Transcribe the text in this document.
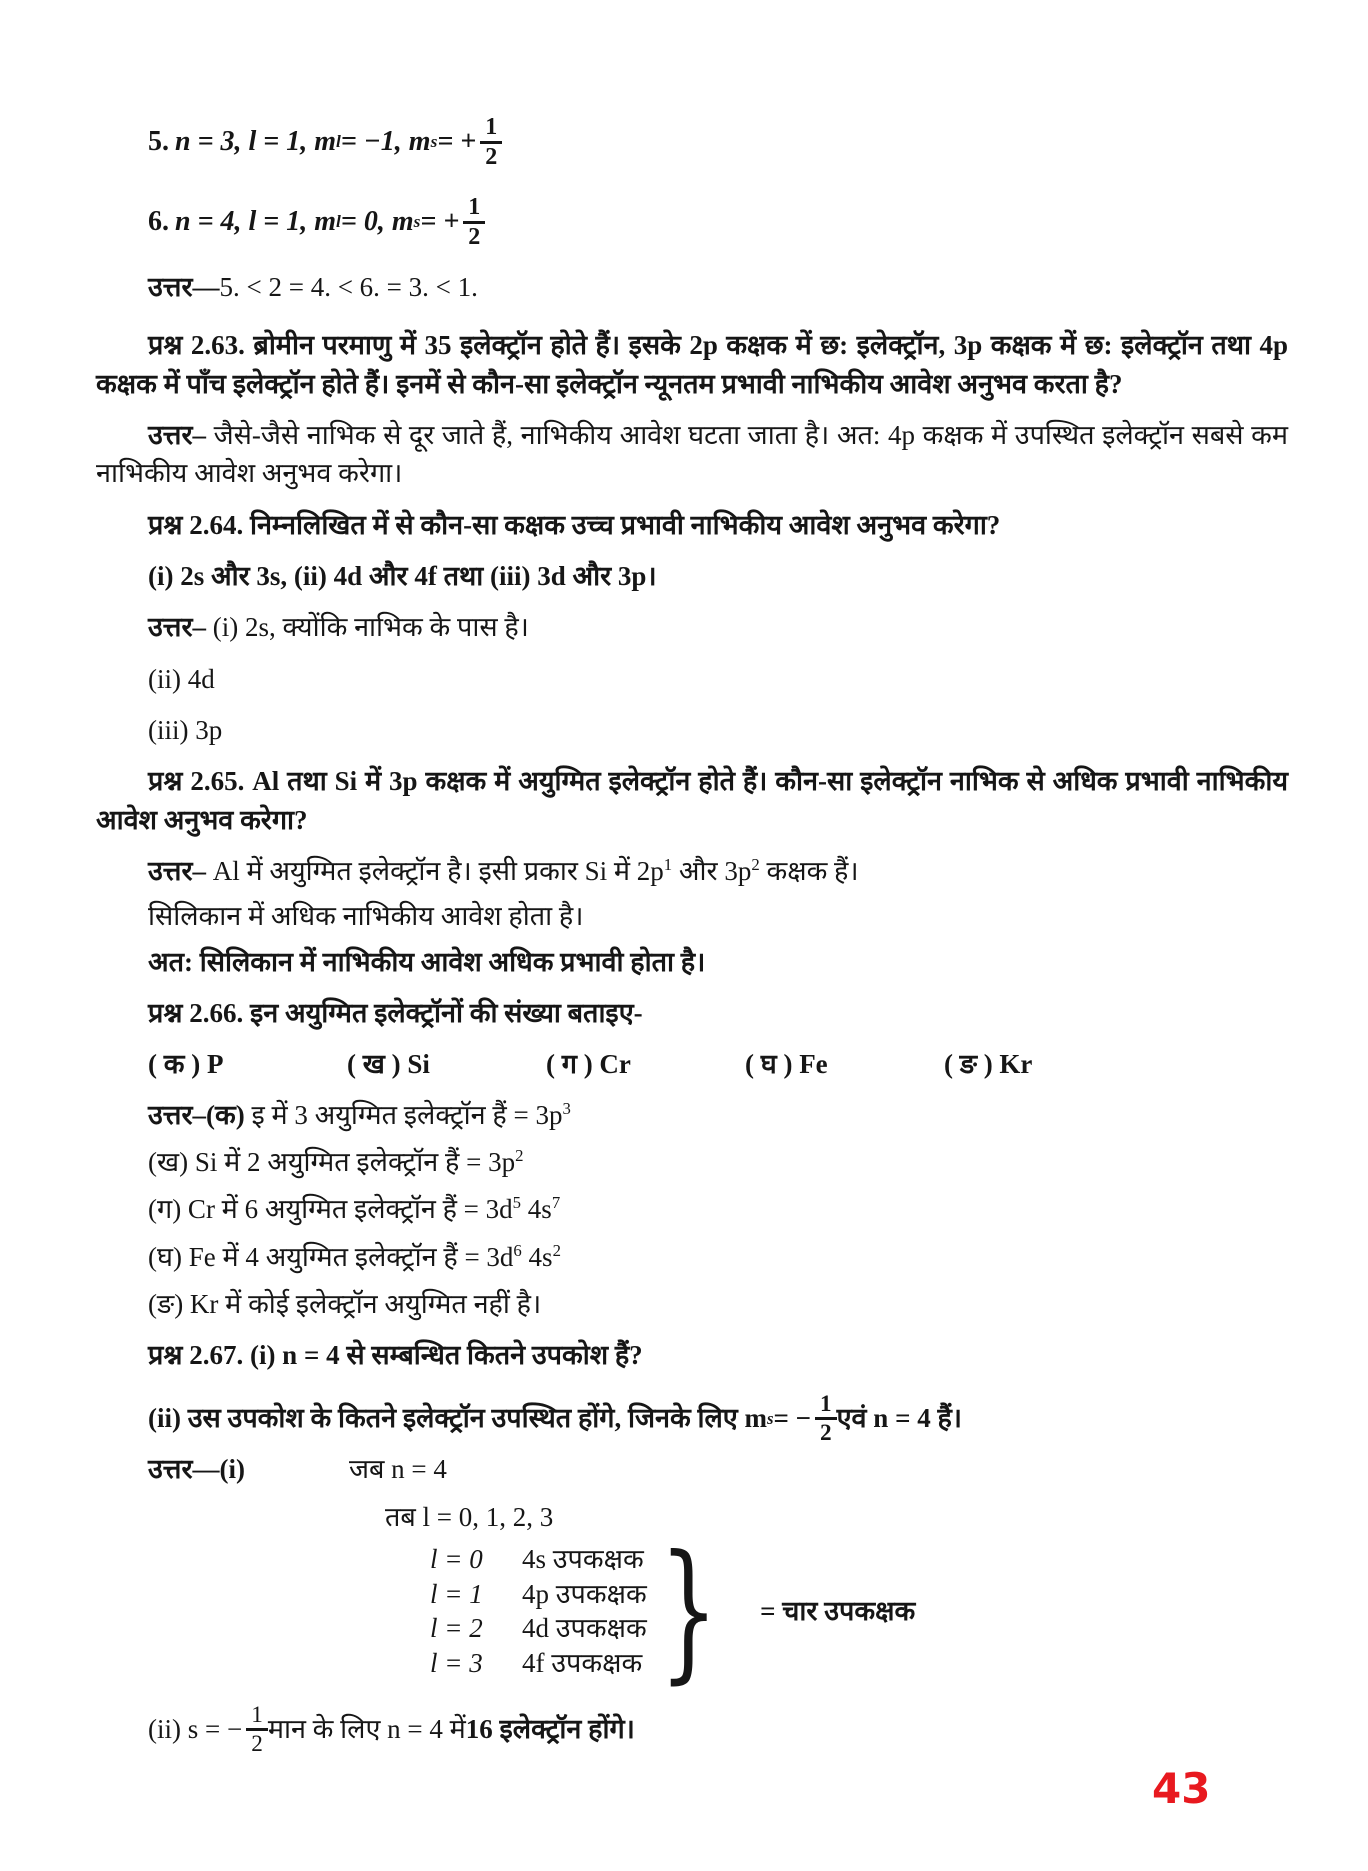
5. n = 3, l = 1, m l = −1, m s = + $\frac{1}{2}$
6. n = 4, l = 1, m l = 0, m s = + $\frac{1}{2}$

उत्तर—5. < 2 = 4. < 6. = 3. < 1.

प्रश्न 2.63. ब्रोमीन परमाणु में 35 इलेक्ट्रॉन होते हैं। इसके 2p कक्षक में छ: इलेक्ट्रॉन, 3p कक्षक में छ: इलेक्ट्रॉन तथा 4p कक्षक में पाँच इलेक्ट्रॉन होते हैं। इनमें से कौन-सा इलेक्ट्रॉन न्यूनतम प्रभावी नाभिकीय आवेश अनुभव करता है?

उत्तर– जैसे-जैसे नाभिक से दूर जाते हैं, नाभिकीय आवेश घटता जाता है। अत: 4p कक्षक में उपस्थित इलेक्ट्रॉन सबसे कम नाभिकीय आवेश अनुभव करेगा।

प्रश्न 2.64. निम्नलिखित में से कौन-सा कक्षक उच्च प्रभावी नाभिकीय आवेश अनुभव करेगा?

(i) 2s और 3s, (ii) 4d और 4f तथा (iii) 3d और 3p।

उत्तर– (i) 2s, क्योंकि नाभिक के पास है।

(ii) 4d

(iii) 3p

प्रश्न 2.65. Al तथा Si में 3p कक्षक में अयुग्मित इलेक्ट्रॉन होते हैं। कौन-सा इलेक्ट्रॉन नाभिक से अधिक प्रभावी नाभिकीय आवेश अनुभव करेगा?

उत्तर– Al में अयुग्मित इलेक्ट्रॉन है। इसी प्रकार Si में $2p^1$ और $3p^2$ कक्षक हैं।

सिलिकान में अधिक नाभिकीय आवेश होता है।

अत: सिलिकान में नाभिकीय आवेश अधिक प्रभावी होता है।

प्रश्न 2.66. इन अयुग्मित इलेक्ट्रॉनों की संख्या बताइए-

( क ) P	( ख ) Si	( ग ) Cr	( घ ) Fe	( ङ ) Kr

उत्तर–(क) इ में 3 अयुग्मित इलेक्ट्रॉन हैं = $3p^3$

(ख) Si में 2 अयुग्मित इलेक्ट्रॉन हैं = $3p^2$

(ग) Cr में 6 अयुग्मित इलेक्ट्रॉन हैं = $3d^5$ $4s^7$

(घ) Fe में 4 अयुग्मित इलेक्ट्रॉन हैं = $3d^6$ $4s^2$

(ङ) Kr में कोई इलेक्ट्रॉन अयुग्मित नहीं है।

प्रश्न 2.67. (i) n = 4 से सम्बन्धित कितने उपकोश हैं?

(ii) उस उपकोश के कितने इलेक्ट्रॉन उपस्थित होंगे, जिनके लिए m s = − $\frac{1}{2}$ एवं n = 4 हैं।
उत्तर—(i)	जब n = 4
तब l = 0, 1, 2, 3
l = 0	4s उपकक्षक
l = 1	4p उपकक्षक
l = 2	4d उपकक्षक
l = 3	4f उपकक्षक } = चार उपकक्षक
(ii) s = − $\frac{1}{2}$ मान के लिए n = 4 में 16 इलेक्ट्रॉन होंगे।
43
